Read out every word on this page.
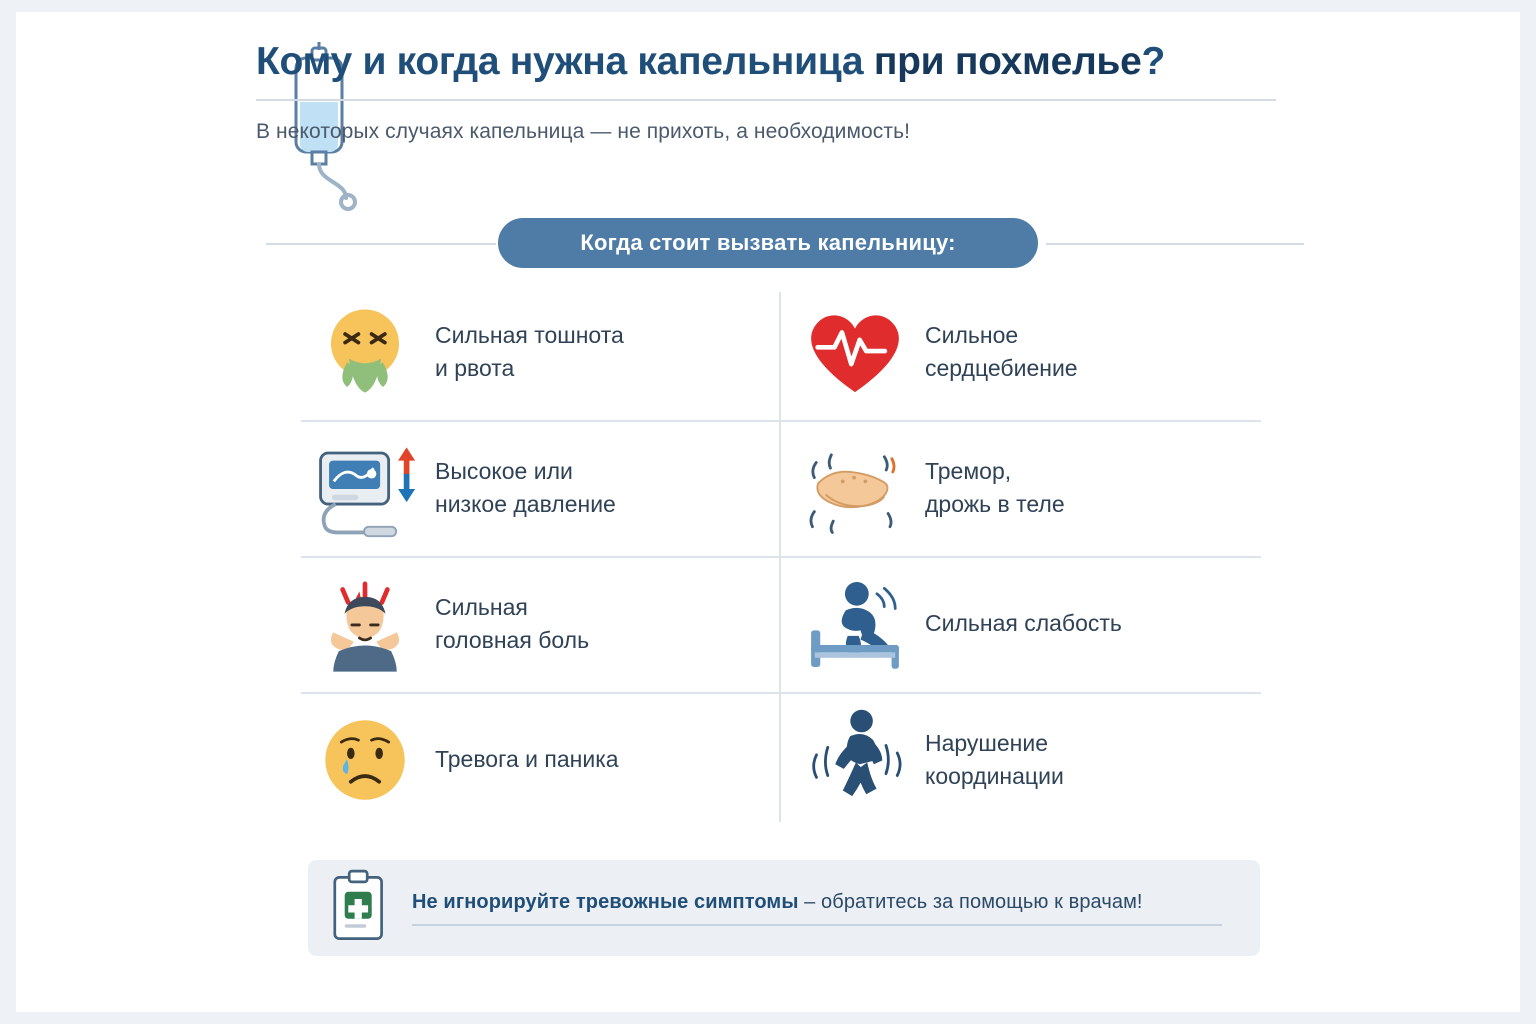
Кому и когда нужна капельница при похмелье?
В некоторых случаях капельница — не прихоть, а необходимость!
Когда стоит вызвать капельницу:
Сильная тошнота
и рвота
Сильное
сердцебиение
Высокое или
низкое давление
Тремор,
дрожь в теле
Сильная
головная боль
Сильная слабость
Тревога и паника
Нарушение
координации
Не игнорируйте тревожные симптомы – обратитесь за помощью к врачам!
